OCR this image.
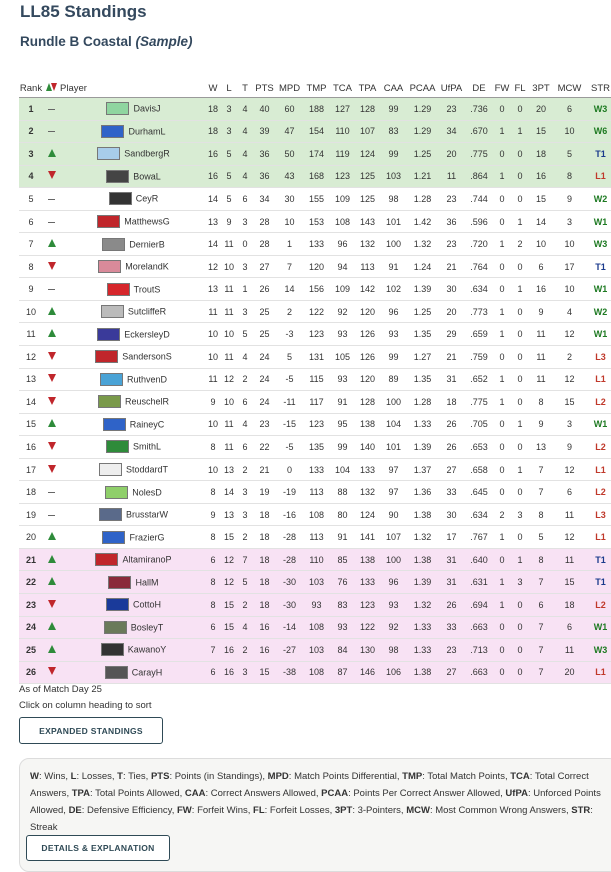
LL85 Standings
Rundle B Coastal (Sample)
Rank		Player	W	L	T	PTS	MPD	TMP	TCA	TPA	CAA	PCAA	UfPA	DE	FW	FL	3PT	MCW	STR
1		DavisJ	18	3	4	40	60	188	127	128	99	1.29	23	.736	0	0	20	6	W3
2		DurhamL	18	3	4	39	47	154	110	107	83	1.29	34	.670	1	1	15	10	W6
3		SandbergR	16	5	4	36	50	174	119	124	99	1.25	20	.775	0	0	18	5	T1
4		BowaL	16	5	4	36	43	168	123	125	103	1.21	11	.864	1	0	16	8	L1
5		CeyR	14	5	6	34	30	155	109	125	98	1.28	23	.744	0	0	15	9	W2
6		MatthewsG	13	9	3	28	10	153	108	143	101	1.42	36	.596	0	1	14	3	W1
7		DernierB	14	11	0	28	1	133	96	132	100	1.32	23	.720	1	2	10	10	W3
8		MorelandK	12	10	3	27	7	120	94	113	91	1.24	21	.764	0	0	6	17	T1
9		TroutS	13	11	1	26	14	156	109	142	102	1.39	30	.634	0	1	16	10	W1
10		SutcliffeR	11	11	3	25	2	122	92	120	96	1.25	20	.773	1	0	9	4	W2
11		EckersleyD	10	10	5	25	-3	123	93	126	93	1.35	29	.659	1	0	11	12	W1
12		SandersonS	10	11	4	24	5	131	105	126	99	1.27	21	.759	0	0	11	2	L3
13		RuthvenD	11	12	2	24	-5	115	93	120	89	1.35	31	.652	1	0	11	12	L1
14		ReuschelR	9	10	6	24	-11	117	91	128	100	1.28	18	.775	1	0	8	15	L2
15		RaineyC	10	11	4	23	-15	123	95	138	104	1.33	26	.705	0	1	9	3	W1
16		SmithL	8	11	6	22	-5	135	99	140	101	1.39	26	.653	0	0	13	9	L2
17		StoddardT	10	13	2	21	0	133	104	133	97	1.37	27	.658	0	1	7	12	L1
18		NolesD	8	14	3	19	-19	113	88	132	97	1.36	33	.645	0	0	7	6	L2
19		BrusstarW	9	13	3	18	-16	108	80	124	90	1.38	30	.634	2	3	8	11	L3
20		FrazierG	8	15	2	18	-28	113	91	141	107	1.32	17	.767	1	0	5	12	L1
21		AltamiranoP	6	12	7	18	-28	110	85	138	100	1.38	31	.640	0	1	8	11	T1
22		HallM	8	12	5	18	-30	103	76	133	96	1.39	31	.631	1	3	7	15	T1
23		CottoH	8	15	2	18	-30	93	83	123	93	1.32	26	.694	1	0	6	18	L2
24		BosleyT	6	15	4	16	-14	108	93	122	92	1.33	33	.663	0	0	7	6	W1
25		KawanoY	7	16	2	16	-27	103	84	130	98	1.33	23	.713	0	0	7	11	W3
26		CarayH	6	16	3	15	-38	108	87	146	106	1.38	27	.663	0	0	7	20	L1
As of Match Day 25
Click on column heading to sort
EXPANDED STANDINGS
W: Wins, L: Losses, T: Ties, PTS: Points (in Standings), MPD: Match Points Differential, TMP: Total Match Points, TCA: Total Correct Answers, TPA: Total Points Allowed, CAA: Correct Answers Allowed, PCAA: Points Per Correct Answer Allowed, UfPA: Unforced Points Allowed, DE: Defensive Efficiency, FW: Forfeit Wins, FL: Forfeit Losses, 3PT: 3-Pointers, MCW: Most Common Wrong Answers, STR: Streak
DETAILS & EXPLANATION
